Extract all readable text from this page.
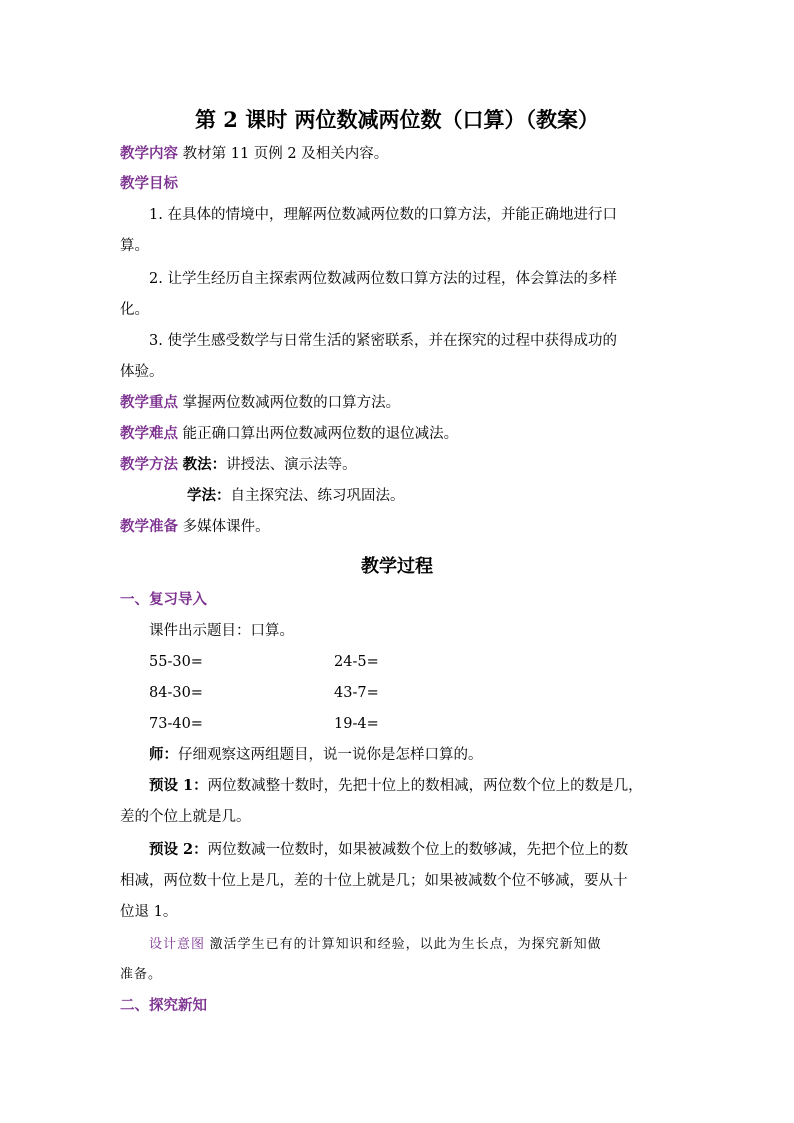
第 2 课时 两位数减两位数（口算）（教案）
教学内容 教材第 11 页例 2 及相关内容。
教学目标
1. 在具体的情境中，理解两位数减两位数的口算方法，并能正确地进行口
算。
2. 让学生经历自主探索两位数减两位数口算方法的过程，体会算法的多样
化。
3. 使学生感受数学与日常生活的紧密联系，并在探究的过程中获得成功的
体验。
教学重点 掌握两位数减两位数的口算方法。
教学难点 能正确口算出两位数减两位数的退位减法。
教学方法 教法：讲授法、演示法等。
学法：自主探究法、练习巩固法。
教学准备 多媒体课件。
教学过程
一、复习导入
课件出示题目：口算。
55-30=	24-5=
84-30=	43-7=
73-40=	19-4=
师：仔细观察这两组题目，说一说你是怎样口算的。
预设 1：两位数减整十数时，先把十位上的数相减，两位数个位上的数是几，
差的个位上就是几。
预设 2：两位数减一位数时，如果被减数个位上的数够减，先把个位上的数
相减，两位数十位上是几，差的十位上就是几；如果被减数个位不够减，要从十
位退 1。
设计意图 激活学生已有的计算知识和经验，以此为生长点，为探究新知做
准备。
二、探究新知
